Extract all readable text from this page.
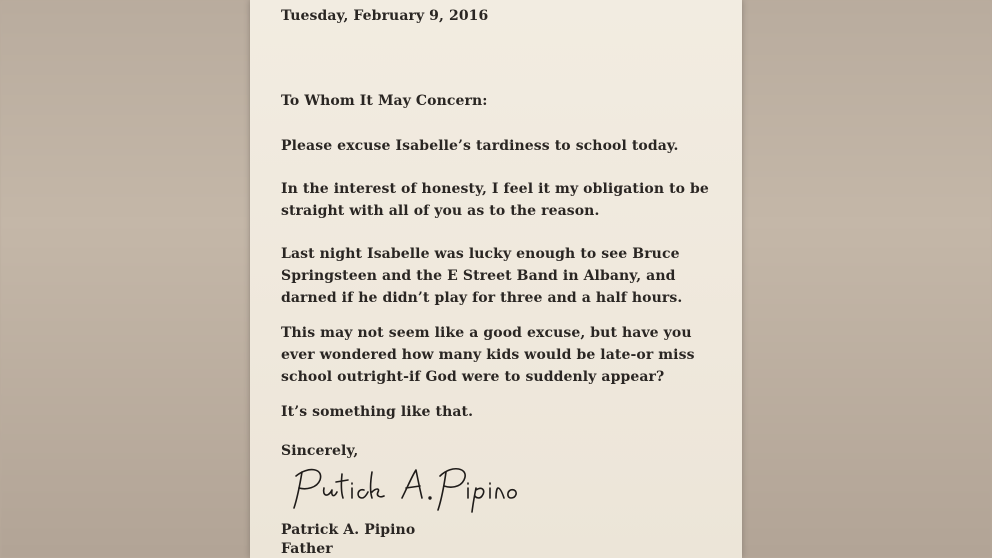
Tuesday, February 9, 2016

To Whom It May Concern:

Please excuse Isabelle’s tardiness to school today.

In the interest of honesty, I feel it my obligation to be

straight with all of you as to the reason.

Last night Isabelle was lucky enough to see Bruce

Springsteen and the E Street Band in Albany, and

darned if he didn’t play for three and a half hours.

This may not seem like a good excuse, but have you

ever wondered how many kids would be late-or miss

school outright-if God were to suddenly appear?

It’s something like that.

Sincerely,

Patrick A. Pipino

Father
